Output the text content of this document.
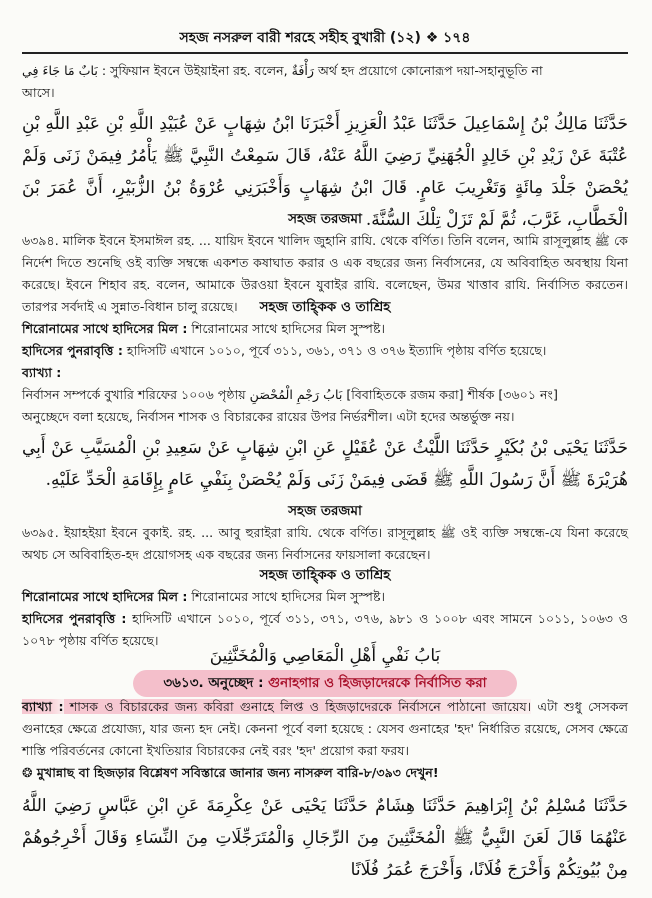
সহজ নসরুল বারী শরহে সহীহ বুখারী (১২) ❖ ১৭৪
بَابٌ مَا جَاءَ فِي : সুফিয়ান ইবনে উইয়াইনা রহ. বলেন, رَأْفَةٌ অর্থ হদ প্রয়োগে কোনোরূপ দয়া-সহানুভূতি না
আসে।
حَدَّثَنَا مَالِكُ بْنُ إِسْمَاعِيلَ حَدَّثَنَا عَبْدُ الْعَزِيزِ أَخْبَرَنَا ابْنُ شِهَابٍ عَنْ عُبَيْدِ اللَّهِ بْنِ عَبْدِ اللَّهِ بْنِ عُتْبَةَ عَنْ زَيْدِ بْنِ خَالِدٍ الْجُهَنِيِّ رَضِيَ اللَّهُ عَنْهُ، قَالَ سَمِعْتُ النَّبِيَّ ﷺ يَأْمُرُ فِيمَنْ زَنَى وَلَمْ يُحْصَنْ جَلْدَ مِائَةٍ وَتَغْرِيبَ عَامٍ. قَالَ ابْنُ شِهَابٍ وَأَخْبَرَنِي عُرْوَةُ بْنُ الزُّبَيْرِ، أَنَّ عُمَرَ بْنَ الْخَطَّابِ، غَرَّبَ، ثُمَّ لَمْ تَزَلْ تِلْكَ السُّنَّةَ.
সহজ তরজমা
৬৩৯৪. মালিক ইবনে ইসমাঈল রহ. ... যায়িদ ইবনে খালিদ জুহানি রাযি. থেকে বর্ণিত। তিনি বলেন, আমি রাসূলুল্লাহ ﷺ কে নির্দেশ দিতে শুনেছি ওই ব্যক্তি সম্বন্ধে একশত কষাঘাত করার ও এক বছরের জন্য নির্বাসনের, যে অবিবাহিত অবস্থায় যিনা করেছে। ইবনে শিহাব রহ. বলেন, আমাকে উরওয়া ইবনে যুবাইর রাযি. বলেছেন, উমর খাত্তাব রাযি. নির্বাসিত করতেন। তারপর সর্বদাই এ সুন্নাত-বিধান চালু রয়েছে।	সহজ তাহ্কিক ও তাশ্রিহ
শিরোনামের সাথে হাদিসের মিল : শিরোনামের সাথে হাদিসের মিল সুস্পষ্ট।
হাদিসের পুনরাবৃত্তি : হাদিসটি এখানে ১০১০, পূর্বে ৩১১, ৩৬১, ৩৭১ ও ৩৭৬ ইত্যাদি পৃষ্ঠায় বর্ণিত হয়েছে।
ব্যাখ্যা :
নির্বাসন সম্পর্কে বুখারি শরিফের ১০০৬ পৃষ্ঠায় بَابُ رَجْمِ الْمُحْصَنِ [বিবাহিতকে রজম করা] শীর্ষক [৩৬০১ নং]
অনুচ্ছেদে বলা হয়েছে, নির্বাসন শাসক ও বিচারকের রায়ের উপর নির্ভরশীল। এটা হদের অন্তর্ভুক্ত নয়।
حَدَّثَنَا يَحْيَى بْنُ بُكَيْرٍ حَدَّثَنَا اللَّيْثُ عَنْ عُقَيْلٍ عَنِ ابْنِ شِهَابٍ عَنْ سَعِيدِ بْنِ الْمُسَيَّبِ عَنْ أَبِي هُرَيْرَةَ ﷺ أَنَّ رَسُولَ اللَّهِ ﷺ قَضَى فِيمَنْ زَنَى وَلَمْ يُحْصَنْ بِنَفْيِ عَامٍ بِإِقَامَةِ الْحَدِّ عَلَيْهِ.
সহজ তরজমা
৬৩৯৫. ইয়াহইয়া ইবনে বুকাই. রহ. ... আবু হুরাইরা রাযি. থেকে বর্ণিত। রাসূলুল্লাহ ﷺ ওই ব্যক্তি সম্বন্ধে-যে যিনা করেছে অথচ সে অবিবাহিত-হদ প্রয়োগসহ এক বছরের জন্য নির্বাসনের ফায়সালা করেছেন।
সহজ তাহ্কিক ও তাশ্রিহ
শিরোনামের সাথে হাদিসের মিল : শিরোনামের সাথে হাদিসের মিল সুস্পষ্ট।
হাদিসের পুনরাবৃত্তি : হাদিসটি এখানে ১০১০, পূর্বে ৩১১, ৩৭১, ৩৭৬, ৯৮১ ও ১০০৮ এবং সামনে ১০১১, ১০৬৩ ও ১০৭৮ পৃষ্ঠায় বর্ণিত হয়েছে।
بَابُ نَفْيِ أَهْلِ الْمَعَاصِي وَالْمُخَنَّثِينَ
৩৬১৩. অনুচ্ছেদ : গুনাহগার ও হিজড়াদেরকে নির্বাসিত করা
ব্যাখ্যা : শাসক ও বিচারকের জন্য কবিরা গুনাহে লিপ্ত ও হিজড়াদেরকে নির্বাসনে পাঠানো জায়েয। এটা শুধু সেসকল গুনাহের ক্ষেত্রে প্রযোজ্য, যার জন্য হদ নেই। কেননা পূর্বে বলা হয়েছে : যেসব গুনাহের 'হদ' নির্ধারিত রয়েছে, সেসব ক্ষেত্রে শাস্তি পরিবর্তনের কোনো ইখতিয়ার বিচারকের নেই বরং 'হদ' প্রয়োগ করা ফরয।
❂ মুখান্নাছ বা হিজড়ার বিশ্লেষণ সবিস্তারে জানার জন্য নাসরুল বারি-৮/৩৯৩ দেখুন!
حَدَّثَنَا مُسْلِمُ بْنُ إِبْرَاهِيمَ حَدَّثَنَا هِشَامٌ حَدَّثَنَا يَحْيَى عَنْ عِكْرِمَةَ عَنِ ابْنِ عَبَّاسٍ رَضِيَ اللَّهُ عَنْهُمَا قَالَ لَعَنَ النَّبِيُّ ﷺ الْمُخَنَّثِينَ مِنَ الرِّجَالِ وَالْمُتَرَجِّلَاتِ مِنَ النِّسَاءِ وَقَالَ أَخْرِجُوهُمْ مِنْ بُيُوتِكُمْ وَأَخْرَجَ فُلَانًا، وَأَخْرَجَ عُمَرُ فُلَانًا
